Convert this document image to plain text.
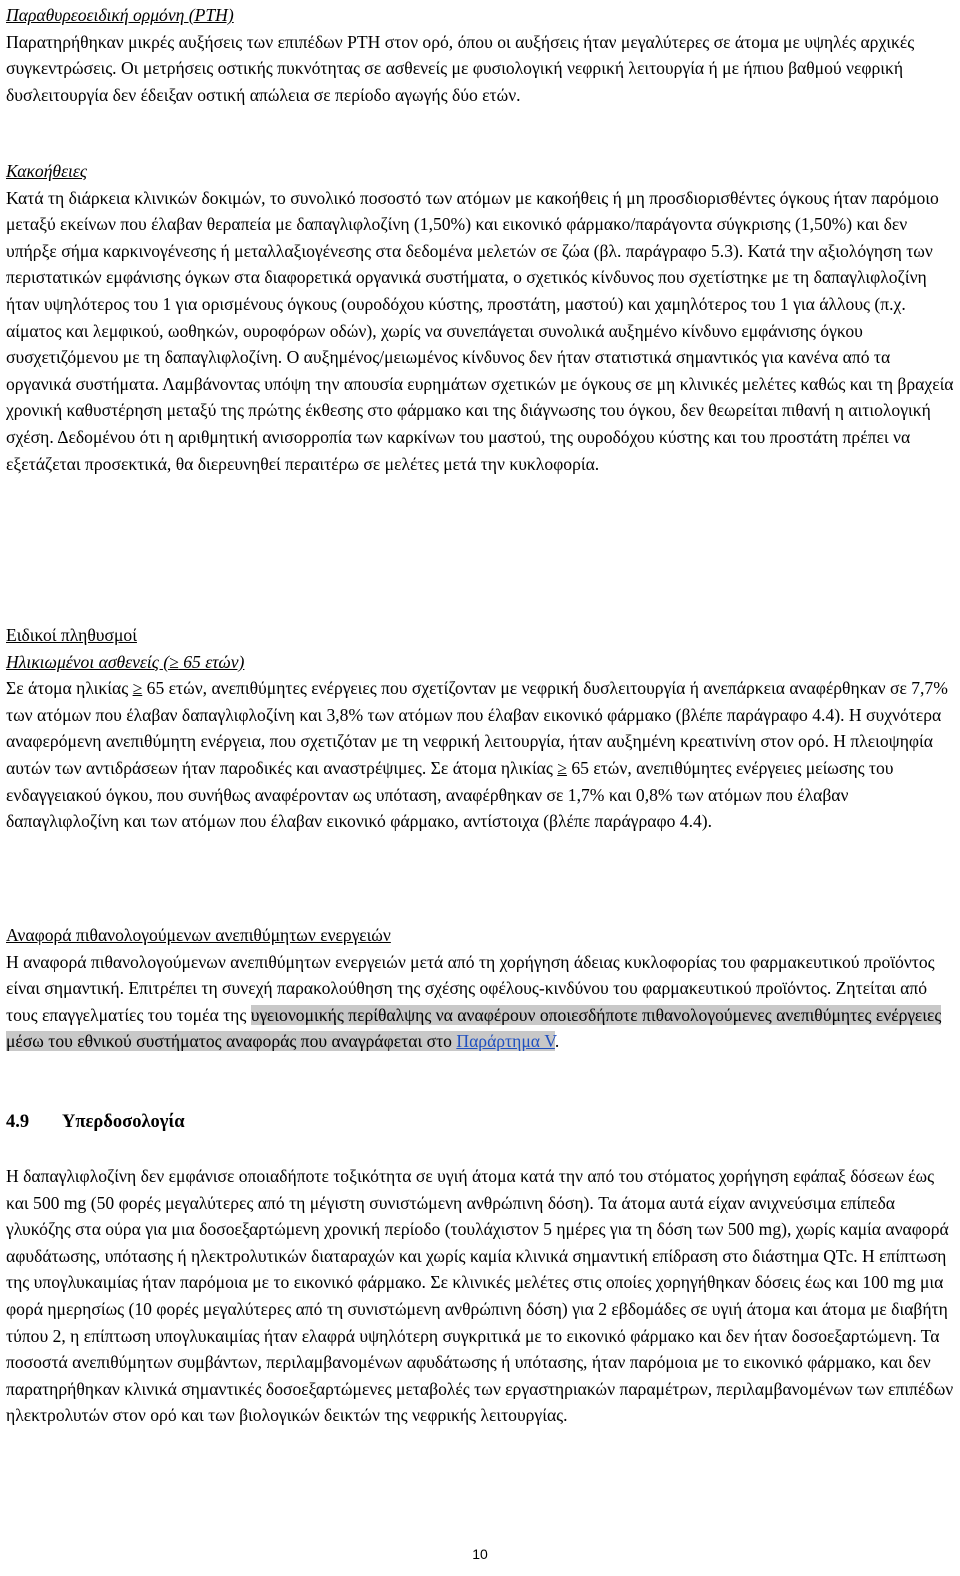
Παραθυρεοειδική ορμόνη (PTH)
Παρατηρήθηκαν μικρές αυξήσεις των επιπέδων PTH στον ορό, όπου οι αυξήσεις ήταν μεγαλύτερες σε άτομα με υψηλές αρχικές συγκεντρώσεις. Οι μετρήσεις οστικής πυκνότητας σε ασθενείς με φυσιολογική νεφρική λειτουργία ή με ήπιου βαθμού νεφρική δυσλειτουργία δεν έδειξαν οστική απώλεια σε περίοδο αγωγής δύο ετών.
Κακοήθειες
Κατά τη διάρκεια κλινικών δοκιμών, το συνολικό ποσοστό των ατόμων με κακοήθεις ή μη προσδιορισθέντες όγκους ήταν παρόμοιο μεταξύ εκείνων που έλαβαν θεραπεία με δαπαγλιφλοζίνη (1,50%) και εικονικό φάρμακο/παράγοντα σύγκρισης (1,50%) και δεν υπήρξε σήμα καρκινογένεσης ή μεταλλαξιογένεσης στα δεδομένα μελετών σε ζώα (βλ. παράγραφο 5.3). Κατά την αξιολόγηση των περιστατικών εμφάνισης όγκων στα διαφορετικά οργανικά συστήματα, ο σχετικός κίνδυνος που σχετίστηκε με τη δαπαγλιφλοζίνη ήταν υψηλότερος του 1 για ορισμένους όγκους (ουροδόχου κύστης, προστάτη, μαστού) και χαμηλότερος του 1 για άλλους (π.χ. αίματος και λεμφικού, ωοθηκών, ουροφόρων οδών), χωρίς να συνεπάγεται συνολικά αυξημένο κίνδυνο εμφάνισης όγκου συσχετιζόμενου με τη δαπαγλιφλοζίνη. Ο αυξημένος/μειωμένος κίνδυνος δεν ήταν στατιστικά σημαντικός για κανένα από τα οργανικά συστήματα. Λαμβάνοντας υπόψη την απουσία ευρημάτων σχετικών με όγκους σε μη κλινικές μελέτες καθώς και τη βραχεία χρονική καθυστέρηση μεταξύ της πρώτης έκθεσης στο φάρμακο και της διάγνωσης του όγκου, δεν θεωρείται πιθανή η αιτιολογική σχέση. Δεδομένου ότι η αριθμητική ανισορροπία των καρκίνων του μαστού, της ουροδόχου κύστης και του προστάτη πρέπει να εξετάζεται προσεκτικά, θα διερευνηθεί περαιτέρω σε μελέτες μετά την κυκλοφορία.
Ειδικοί πληθυσμοί
Ηλικιωμένοι ασθενείς (≥ 65 ετών)
Σε άτομα ηλικίας ≥ 65 ετών, ανεπιθύμητες ενέργειες που σχετίζονταν με νεφρική δυσλειτουργία ή ανεπάρκεια αναφέρθηκαν σε 7,7% των ατόμων που έλαβαν δαπαγλιφλοζίνη και 3,8% των ατόμων που έλαβαν εικονικό φάρμακο (βλέπε παράγραφο 4.4). Η συχνότερα αναφερόμενη ανεπιθύμητη ενέργεια, που σχετιζόταν με τη νεφρική λειτουργία, ήταν αυξημένη κρεατινίνη στον ορό. Η πλειοψηφία αυτών των αντιδράσεων ήταν παροδικές και αναστρέψιμες. Σε άτομα ηλικίας ≥ 65 ετών, ανεπιθύμητες ενέργειες μείωσης του ενδαγγειακού όγκου, που συνήθως αναφέρονταν ως υπόταση, αναφέρθηκαν σε 1,7% και 0,8% των ατόμων που έλαβαν δαπαγλιφλοζίνη και των ατόμων που έλαβαν εικονικό φάρμακο, αντίστοιχα (βλέπε παράγραφο 4.4).
Αναφορά πιθανολογούμενων ανεπιθύμητων ενεργειών
Η αναφορά πιθανολογούμενων ανεπιθύμητων ενεργειών μετά από τη χορήγηση άδειας κυκλοφορίας του φαρμακευτικού προϊόντος είναι σημαντική. Επιτρέπει τη συνεχή παρακολούθηση της σχέσης οφέλους-κινδύνου του φαρμακευτικού προϊόντος. Ζητείται από τους επαγγελματίες του τομέα της υγειονομικής περίθαλψης να αναφέρουν οποιεσδήποτε πιθανολογούμενες ανεπιθύμητες ενέργειες μέσω του εθνικού συστήματος αναφοράς που αναγράφεται στο Παράρτημα V.
4.9 Υπερδοσολογία
Η δαπαγλιφλοζίνη δεν εμφάνισε οποιαδήποτε τοξικότητα σε υγιή άτομα κατά την από του στόματος χορήγηση εφάπαξ δόσεων έως και 500 mg (50 φορές μεγαλύτερες από τη μέγιστη συνιστώμενη ανθρώπινη δόση). Τα άτομα αυτά είχαν ανιχνεύσιμα επίπεδα γλυκόζης στα ούρα για μια δοσοεξαρτώμενη χρονική περίοδο (τουλάχιστον 5 ημέρες για τη δόση των 500 mg), χωρίς καμία αναφορά αφυδάτωσης, υπότασης ή ηλεκτρολυτικών διαταραχών και χωρίς καμία κλινικά σημαντική επίδραση στο διάστημα QTc. Η επίπτωση της υπογλυκαιμίας ήταν παρόμοια με το εικονικό φάρμακο. Σε κλινικές μελέτες στις οποίες χορηγήθηκαν δόσεις έως και 100 mg μια φορά ημερησίως (10 φορές μεγαλύτερες από τη συνιστώμενη ανθρώπινη δόση) για 2 εβδομάδες σε υγιή άτομα και άτομα με διαβήτη τύπου 2, η επίπτωση υπογλυκαιμίας ήταν ελαφρά υψηλότερη συγκριτικά με το εικονικό φάρμακο και δεν ήταν δοσοεξαρτώμενη. Τα ποσοστά ανεπιθύμητων συμβάντων, περιλαμβανομένων αφυδάτωσης ή υπότασης, ήταν παρόμοια με το εικονικό φάρμακο, και δεν παρατηρήθηκαν κλινικά σημαντικές δοσοεξαρτώμενες μεταβολές των εργαστηριακών παραμέτρων, περιλαμβανομένων των επιπέδων ηλεκτρολυτών στον ορό και των βιολογικών δεικτών της νεφρικής λειτουργίας.
10
